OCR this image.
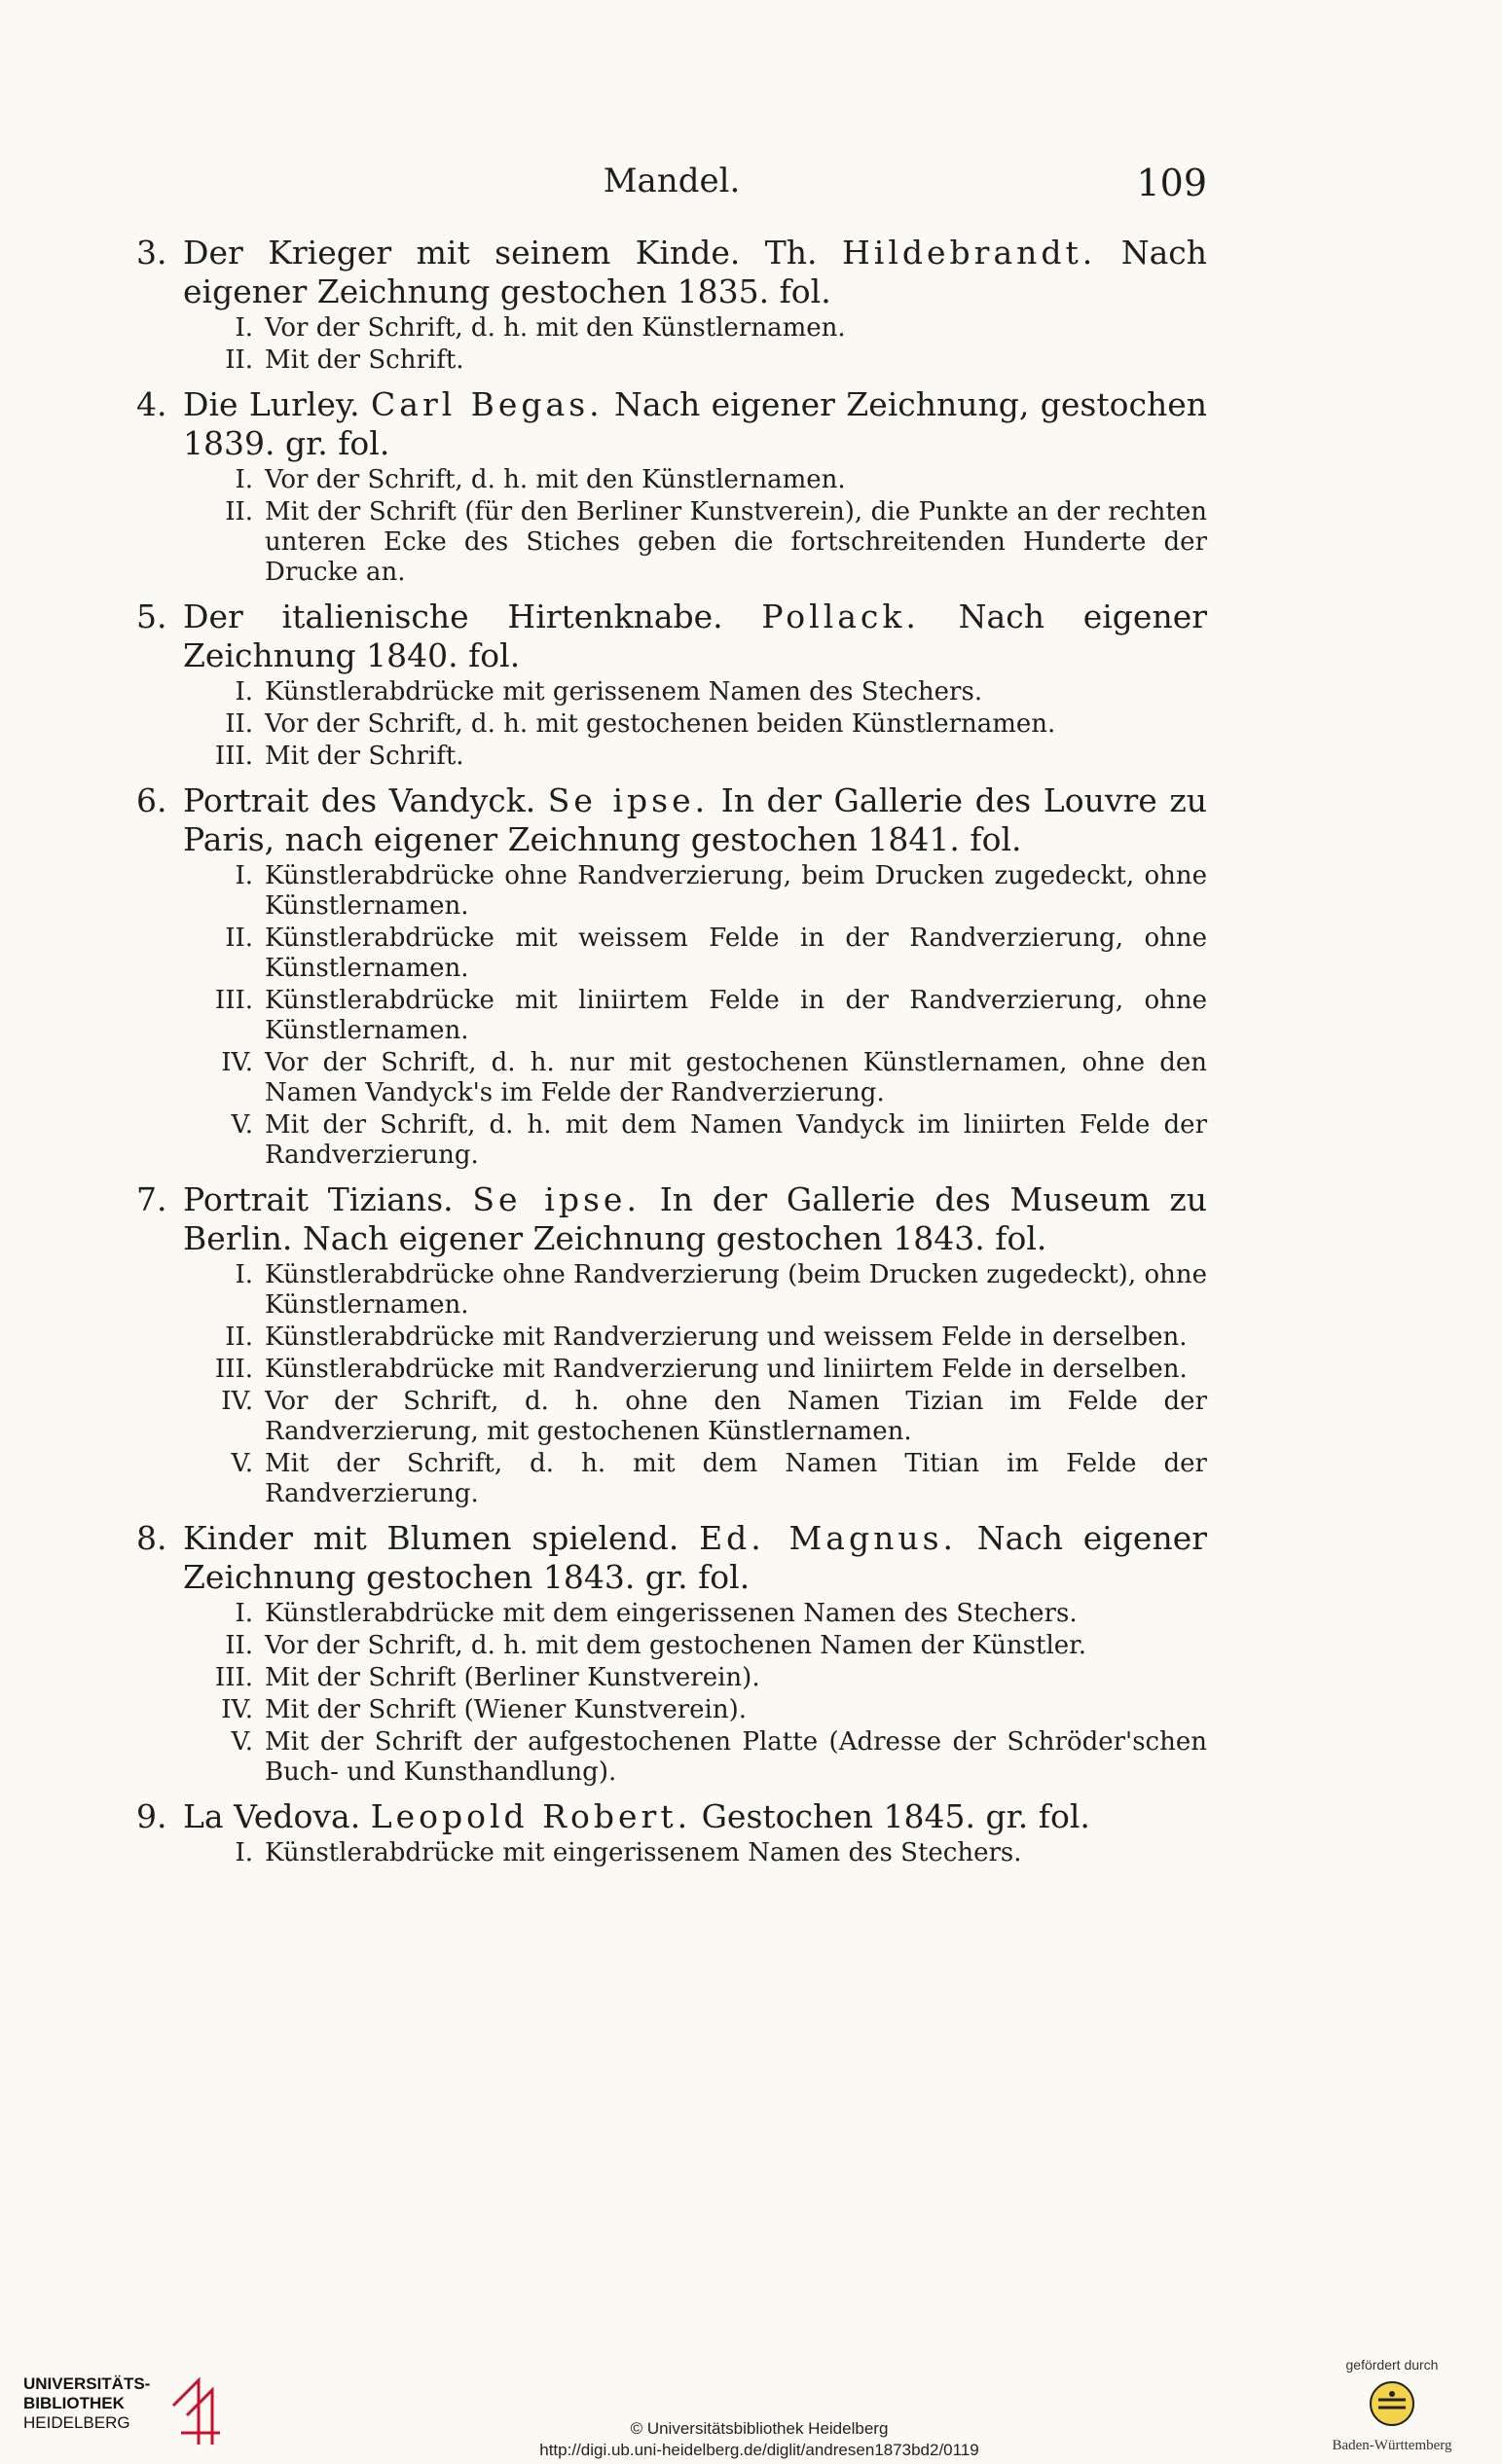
Mandel.	109
3. Der Krieger mit seinem Kinde. Th. Hildebrandt. Nach eigener Zeichnung gestochen 1835. fol.
I. Vor der Schrift, d. h. mit den Künstlernamen.
II. Mit der Schrift.
4. Die Lurley. Carl Begas. Nach eigener Zeichnung, gestochen 1839. gr. fol.
I. Vor der Schrift, d. h. mit den Künstlernamen.
II. Mit der Schrift (für den Berliner Kunstverein), die Punkte an der rechten unteren Ecke des Stiches geben die fortschreitenden Hunderte der Drucke an.
5. Der italienische Hirtenknabe. Pollack. Nach eigener Zeichnung 1840. fol.
I. Künstlerabdrücke mit gerissenem Namen des Stechers.
II. Vor der Schrift, d. h. mit gestochenen beiden Künstlernamen.
III. Mit der Schrift.
6. Portrait des Vandyck. Se ipse. In der Gallerie des Louvre zu Paris, nach eigener Zeichnung gestochen 1841. fol.
I. Künstlerabdrücke ohne Randverzierung, beim Drucken zugedeckt, ohne Künstlernamen.
II. Künstlerabdrücke mit weissem Felde in der Randverzierung, ohne Künstlernamen.
III. Künstlerabdrücke mit liniirtem Felde in der Randverzierung, ohne Künstlernamen.
IV. Vor der Schrift, d. h. nur mit gestochenen Künstlernamen, ohne den Namen Vandyck's im Felde der Randverzierung.
V. Mit der Schrift, d. h. mit dem Namen Vandyck im liniirten Felde der Randverzierung.
7. Portrait Tizians. Se ipse. In der Gallerie des Museum zu Berlin. Nach eigener Zeichnung gestochen 1843. fol.
I. Künstlerabdrücke ohne Randverzierung (beim Drucken zugedeckt), ohne Künstlernamen.
II. Künstlerabdrücke mit Randverzierung und weissem Felde in derselben.
III. Künstlerabdrücke mit Randverzierung und liniirtem Felde in derselben.
IV. Vor der Schrift, d. h. ohne den Namen Tizian im Felde der Randverzierung, mit gestochenen Künstlernamen.
V. Mit der Schrift, d. h. mit dem Namen Titian im Felde der Randverzierung.
8. Kinder mit Blumen spielend. Ed. Magnus. Nach eigener Zeichnung gestochen 1843. gr. fol.
I. Künstlerabdrücke mit dem eingerissenen Namen des Stechers.
II. Vor der Schrift, d. h. mit dem gestochenen Namen der Künstler.
III. Mit der Schrift (Berliner Kunstverein).
IV. Mit der Schrift (Wiener Kunstverein).
V. Mit der Schrift der aufgestochenen Platte (Adresse der Schröder'schen Buch- und Kunsthandlung).
9. La Vedova. Leopold Robert. Gestochen 1845. gr. fol.
I. Künstlerabdrücke mit eingerissenem Namen des Stechers.
UNIVERSITÄTS-
BIBLIOTHEK
HEIDELBERG	© Universitätsbibliothek Heidelberg
http://digi.ub.uni-heidelberg.de/diglit/andresen1873bd2/0119
gefördert durch
Baden-Württemberg
